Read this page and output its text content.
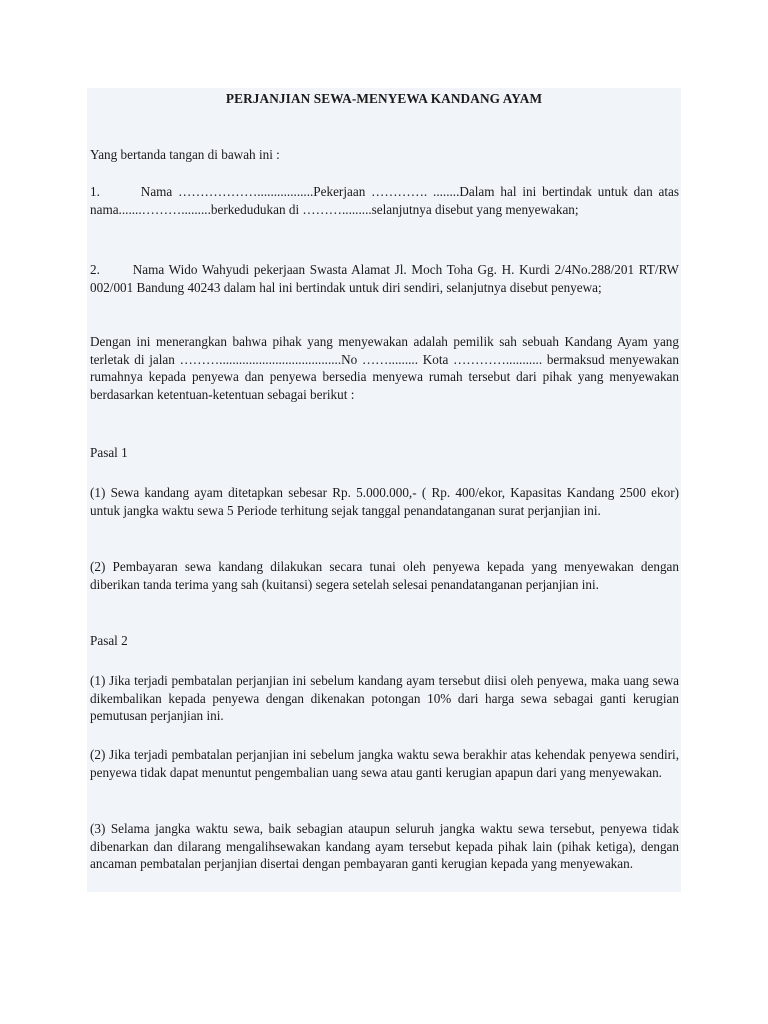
PERJANJIAN SEWA-MENYEWA KANDANG AYAM

Yang bertanda tangan di bawah ini :

1.	Nama ……………….................Pekerjaan …………. ........Dalam hal ini bertindak untuk dan atas nama.......……….........berkedudukan di ……….........selanjutnya disebut yang menyewakan;

2. Nama Wido Wahyudi pekerjaan Swasta Alamat Jl. Moch Toha Gg. H. Kurdi 2/4No.288/201 RT/RW 002/001 Bandung 40243 dalam hal ini bertindak untuk diri sendiri, selanjutnya disebut penyewa;

Dengan ini menerangkan bahwa pihak yang menyewakan adalah pemilik sah sebuah Kandang Ayam yang terletak di jalan ……….....................................No ……......... Kota …………........... bermaksud menyewakan rumahnya kepada penyewa dan penyewa bersedia menyewa rumah tersebut dari pihak yang menyewakan berdasarkan ketentuan-ketentuan sebagai berikut :

Pasal 1

(1) Sewa kandang ayam ditetapkan sebesar Rp. 5.000.000,- ( Rp. 400/ekor, Kapasitas Kandang 2500 ekor) untuk jangka waktu sewa 5 Periode terhitung sejak tanggal penandatanganan surat perjanjian ini.

(2) Pembayaran sewa kandang dilakukan secara tunai oleh penyewa kepada yang menyewakan dengan diberikan tanda terima yang sah (kuitansi) segera setelah selesai penandatanganan perjanjian ini.

Pasal 2

(1) Jika terjadi pembatalan perjanjian ini sebelum kandang ayam tersebut diisi oleh penyewa, maka uang sewa dikembalikan kepada penyewa dengan dikenakan potongan 10% dari harga sewa sebagai ganti kerugian pemutusan perjanjian ini.

(2) Jika terjadi pembatalan perjanjian ini sebelum jangka waktu sewa berakhir atas kehendak penyewa sendiri, penyewa tidak dapat menuntut pengembalian uang sewa atau ganti kerugian apapun dari yang menyewakan.

(3) Selama jangka waktu sewa, baik sebagian ataupun seluruh jangka waktu sewa tersebut, penyewa tidak dibenarkan dan dilarang mengalihsewakan kandang ayam tersebut kepada pihak lain (pihak ketiga), dengan ancaman pembatalan perjanjian disertai dengan pembayaran ganti kerugian kepada yang menyewakan.
